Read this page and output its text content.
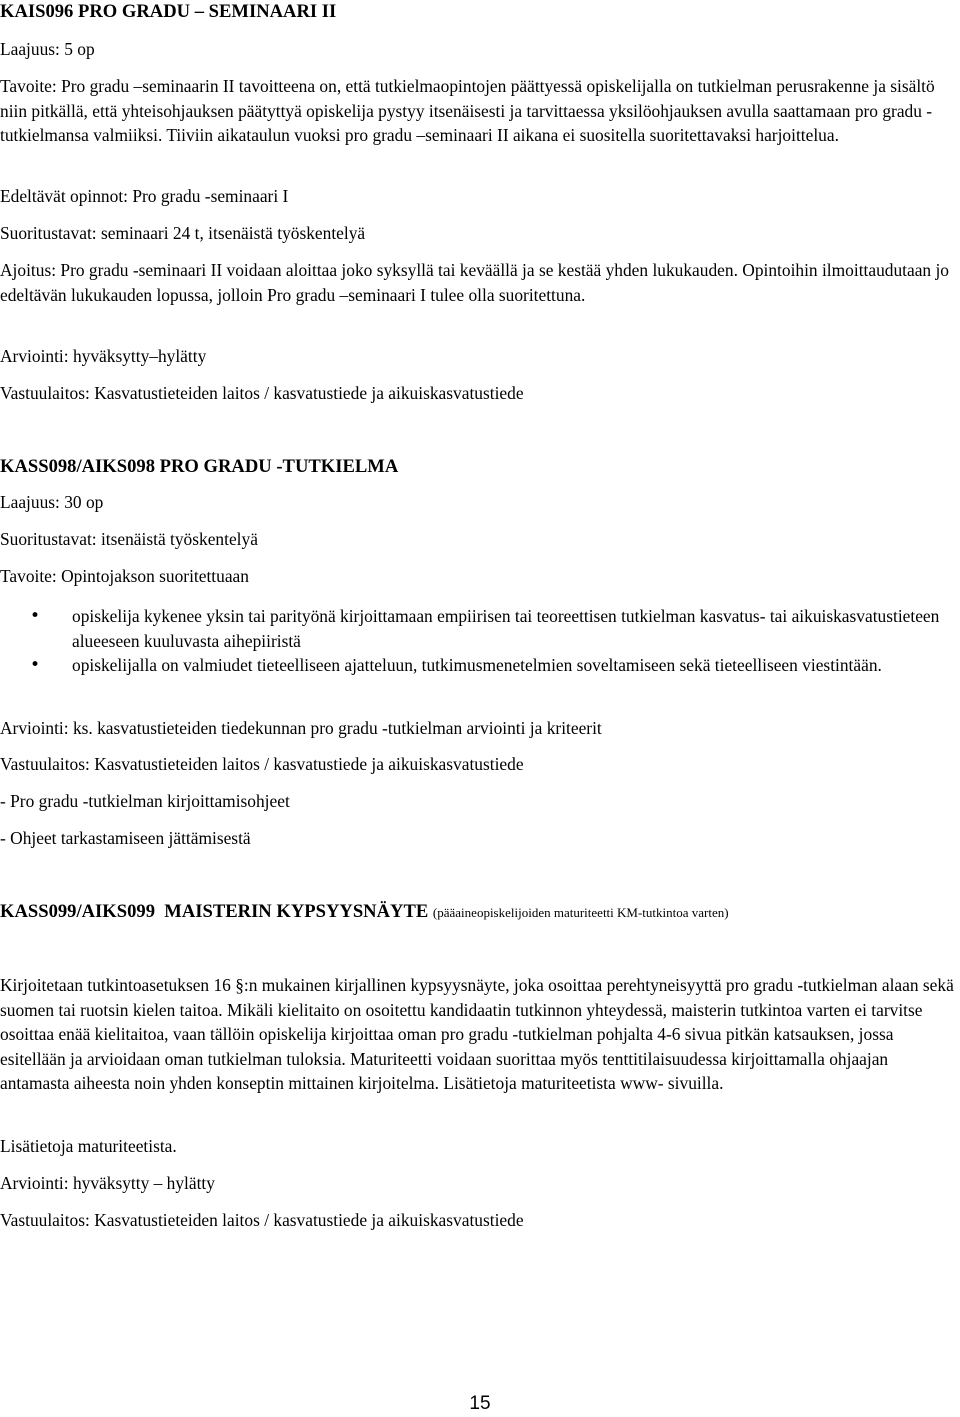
KAIS096 PRO GRADU – SEMINAARI II
Laajuus: 5 op
Tavoite: Pro gradu –seminaarin II tavoitteena on, että tutkielmaopintojen päättyessä opiskelijalla on tutkielman perusrakenne ja sisältö niin pitkällä, että yhteisohjauksen päätyttyä opiskelija pystyy itsenäisesti ja tarvittaessa yksilöohjauksen avulla saattamaan pro gradu -tutkielmansa valmiiksi. Tiiviin aikataulun vuoksi pro gradu –seminaari II aikana ei suositella suoritettavaksi harjoittelua.
Edeltävät opinnot: Pro gradu -seminaari I
Suoritustavat: seminaari 24 t, itsenäistä työskentelyä
Ajoitus: Pro gradu -seminaari II voidaan aloittaa joko syksyllä tai keväällä ja se kestää yhden lukukauden. Opintoihin ilmoittaudutaan jo edeltävän lukukauden lopussa, jolloin Pro gradu –seminaari I tulee olla suoritettuna.
Arviointi: hyväksytty–hylätty
Vastuulaitos: Kasvatustieteiden laitos / kasvatustiede ja aikuiskasvatustiede
KASS098/AIKS098 PRO GRADU -TUTKIELMA
Laajuus: 30 op
Suoritustavat: itsenäistä työskentelyä
Tavoite: Opintojakson suoritettuaan
• opiskelija kykenee yksin tai parityönä kirjoittamaan empiirisen tai teoreettisen tutkielman kasvatus- tai aikuiskasvatustieteen alueeseen kuuluvasta aihepiiristä
• opiskelijalla on valmiudet tieteelliseen ajatteluun, tutkimusmenetelmien soveltamiseen sekä tieteelliseen viestintään.
Arviointi: ks. kasvatustieteiden tiedekunnan pro gradu -tutkielman arviointi ja kriteerit
Vastuulaitos: Kasvatustieteiden laitos / kasvatustiede ja aikuiskasvatustiede
- Pro gradu -tutkielman kirjoittamisohjeet
- Ohjeet tarkastamiseen jättämisestä
KASS099/AIKS099  MAISTERIN KYPSYYSNÄYTE (pääaineopiskelijoiden maturiteetti KM-tutkintoa varten)
Kirjoitetaan tutkintoasetuksen 16 §:n mukainen kirjallinen kypsyysnäyte, joka osoittaa perehtyneisyyttä pro gradu -tutkielman alaan sekä suomen tai ruotsin kielen taitoa. Mikäli kielitaito on osoitettu kandidaatin tutkinnon yhteydessä, maisterin tutkintoa varten ei tarvitse osoittaa enää kielitaitoa, vaan tällöin opiskelija kirjoittaa oman pro gradu -tutkielman pohjalta 4-6 sivua pitkän katsauksen, jossa esitellään ja arvioidaan oman tutkielman tuloksia. Maturiteetti voidaan suorittaa myös tenttitilaisuudessa kirjoittamalla ohjaajan antamasta aiheesta noin yhden konseptin mittainen kirjoitelma. Lisätietoja maturiteetista www- sivuilla.
Lisätietoja maturiteetista.
Arviointi: hyväksytty – hylätty
Vastuulaitos: Kasvatustieteiden laitos / kasvatustiede ja aikuiskasvatustiede
15
